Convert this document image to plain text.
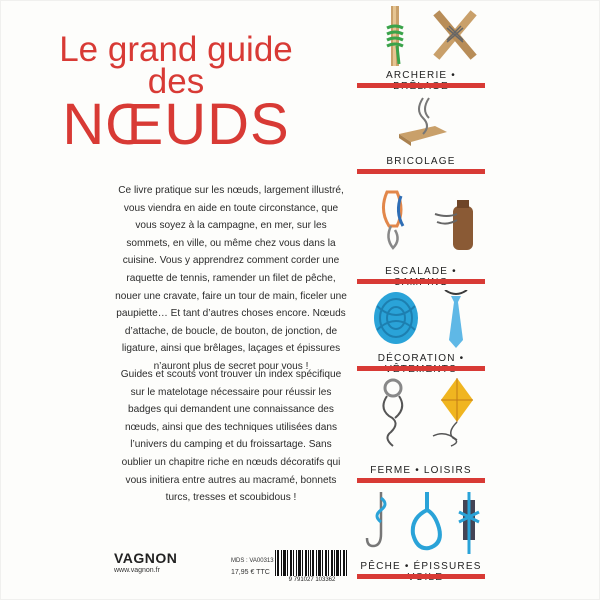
Le grand guide
des
NŒUDS

Ce livre pratique sur les nœuds, largement illustré, vous viendra en aide en toute circonstance, que vous soyez à la campagne, en mer, sur les sommets, en ville, ou même chez vous dans la cuisine. Vous y apprendrez comment corder une raquette de tennis, ramender un filet de pêche, nouer une cravate, faire un tour de main, ficeler une paupiette… Et tant d’autres choses encore. Nœuds d’attache, de boucle, de bouton, de jonction, de ligature, ainsi que brêlages, laçages et épissures n’auront plus de secret pour vous !

Guides et scouts vont trouver un index spécifique sur le matelotage nécessaire pour réussir les badges qui demandent une connaissance des nœuds, ainsi que des techniques utilisées dans l’univers du camping et du froissartage. Sans oublier un chapitre riche en nœuds décoratifs qui vous initiera entre autres au macramé, bonnets turcs, tresses et scoubidous !

VAGNON
www.vagnon.fr
MDS : VA00313
17,95 € TTC
9 791027 103362
ARCHERIE •
BRICOLAGE
ESCALADE •
DÉCORATION •
FERME • LOISIRS
PÊCHE • ÉPISSURES
